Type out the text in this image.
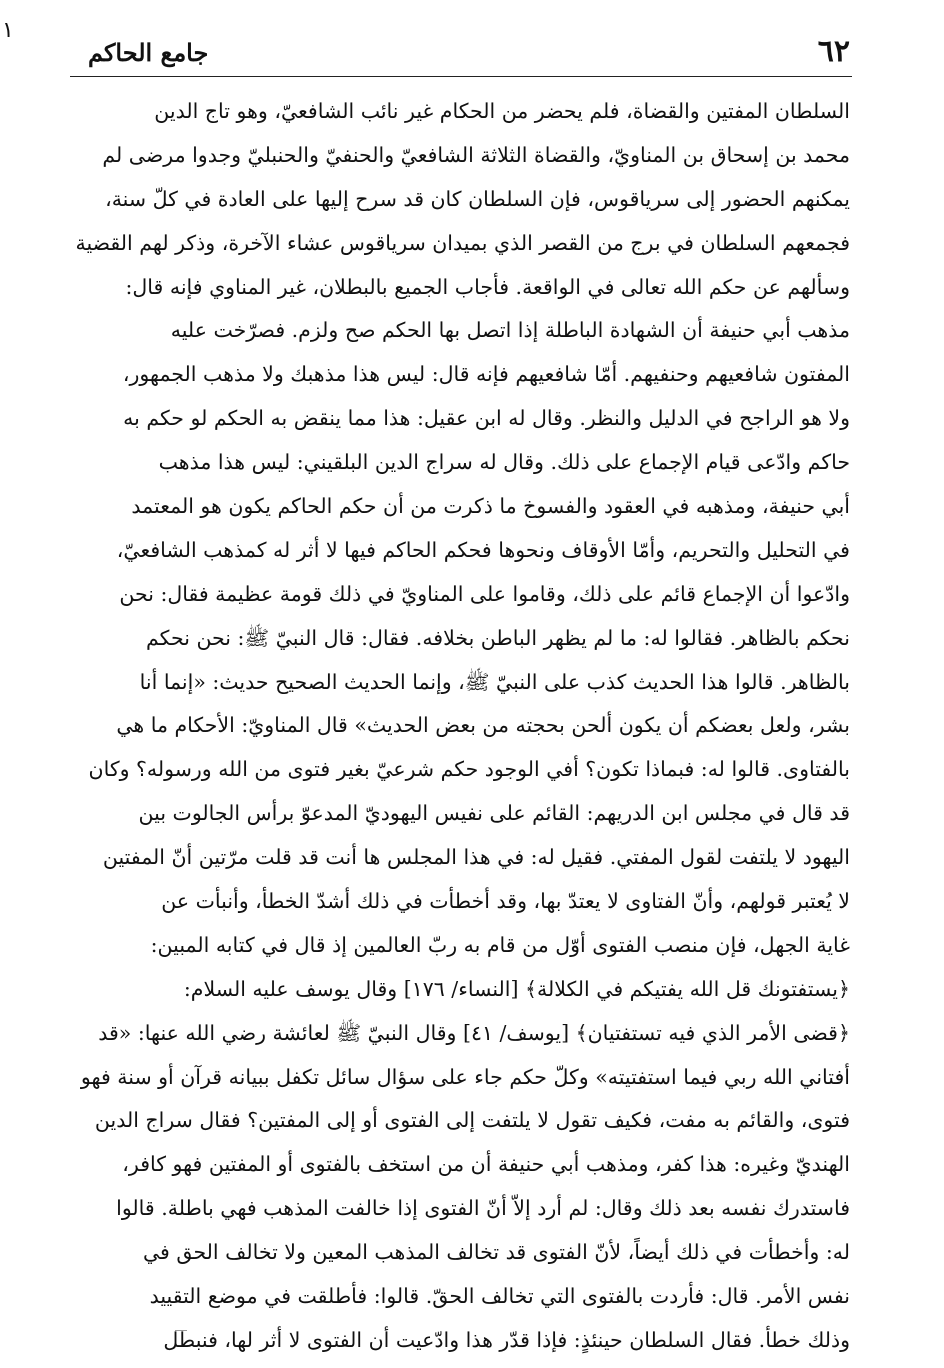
١
٦٢
جامع الحاكم
السلطان المفتين والقضاة، فلم يحضر من الحكام غير نائب الشافعيّ، وهو تاج الدين
محمد بن إسحاق بن المناويّ، والقضاة الثلاثة الشافعيّ والحنفيّ والحنبليّ وجدوا مرضى لم
يمكنهم الحضور إلى سرياقوس، فإن السلطان كان قد سرح إليها على العادة في كلّ سنة،
فجمعهم السلطان في برج من القصر الذي بميدان سرياقوس عشاء الآخرة، وذكر لهم القضية
وسألهم عن حكم الله تعالى في الواقعة. فأجاب الجميع بالبطلان، غير المناوي فإنه قال:
مذهب أبي حنيفة أن الشهادة الباطلة إذا اتصل بها الحكم صح ولزم. فصرّخت عليه
المفتون شافعيهم وحنفيهم. أمّا شافعيهم فإنه قال: ليس هذا مذهبك ولا مذهب الجمهور،
ولا هو الراجح في الدليل والنظر. وقال له ابن عقيل: هذا مما ينقض به الحكم لو حكم به
حاكم وادّعى قيام الإجماع على ذلك. وقال له سراج الدين البلقيني: ليس هذا مذهب
أبي حنيفة، ومذهبه في العقود والفسوخ ما ذكرت من أن حكم الحاكم يكون هو المعتمد
في التحليل والتحريم، وأمّا الأوقاف ونحوها فحكم الحاكم فيها لا أثر له كمذهب الشافعيّ،
وادّعوا أن الإجماع قائم على ذلك، وقاموا على المناويّ في ذلك قومة عظيمة فقال: نحن
نحكم بالظاهر. فقالوا له: ما لم يظهر الباطن بخلافه. فقال: قال النبيّ ﷺ: نحن نحكم
بالظاهر. قالوا هذا الحديث كذب على النبيّ ﷺ، وإنما الحديث الصحيح حديث: «إنما أنا
بشر، ولعل بعضكم أن يكون ألحن بحجته من بعض الحديث» قال المناويّ: الأحكام ما هي
بالفتاوى. قالوا له: فبماذا تكون؟ أفي الوجود حكم شرعيّ بغير فتوى من الله ورسوله؟ وكان
قد قال في مجلس ابن الدريهم: القائم على نفيس اليهوديّ المدعوّ برأس الجالوت بين
اليهود لا يلتفت لقول المفتي. فقيل له: في هذا المجلس ها أنت قد قلت مرّتين أنّ المفتين
لا يُعتبر قولهم، وأنّ الفتاوى لا يعتدّ بها، وقد أخطأت في ذلك أشدّ الخطأ، وأنبأت عن
غاية الجهل، فإن منصب الفتوى أوّل من قام به ربّ العالمين إذ قال في كتابه المبين:
﴿يستفتونك قل الله يفتيكم في الكلالة﴾ [النساء/ ١٧٦] وقال يوسف عليه السلام:
﴿قضى الأمر الذي فيه تستفتيان﴾ [يوسف/ ٤١] وقال النبيّ ﷺ لعائشة رضي الله عنها: «قد
أفتاني الله ربي فيما استفتيته» وكلّ حكم جاء على سؤال سائل تكفل ببيانه قرآن أو سنة فهو
فتوى، والقائم به مفت، فكيف تقول لا يلتفت إلى الفتوى أو إلى المفتين؟ فقال سراج الدين
الهنديّ وغيره: هذا كفر، ومذهب أبي حنيفة أن من استخف بالفتوى أو المفتين فهو كافر،
فاستدرك نفسه بعد ذلك وقال: لم أرد إلاّ أنّ الفتوى إذا خالفت المذهب فهي باطلة. قالوا
له: وأخطأت في ذلك أيضاً، لأنّ الفتوى قد تخالف المذهب المعين ولا تخالف الحق في
نفس الأمر. قال: فأردت بالفتوى التي تخالف الحقّ. قالوا: فأطلقت في موضع التقييد
وذلك خطأ. فقال السلطان حينئذٍ: فإذا قدّر هذا وادّعيت أن الفتوى لا أثر لها، فنبطل
